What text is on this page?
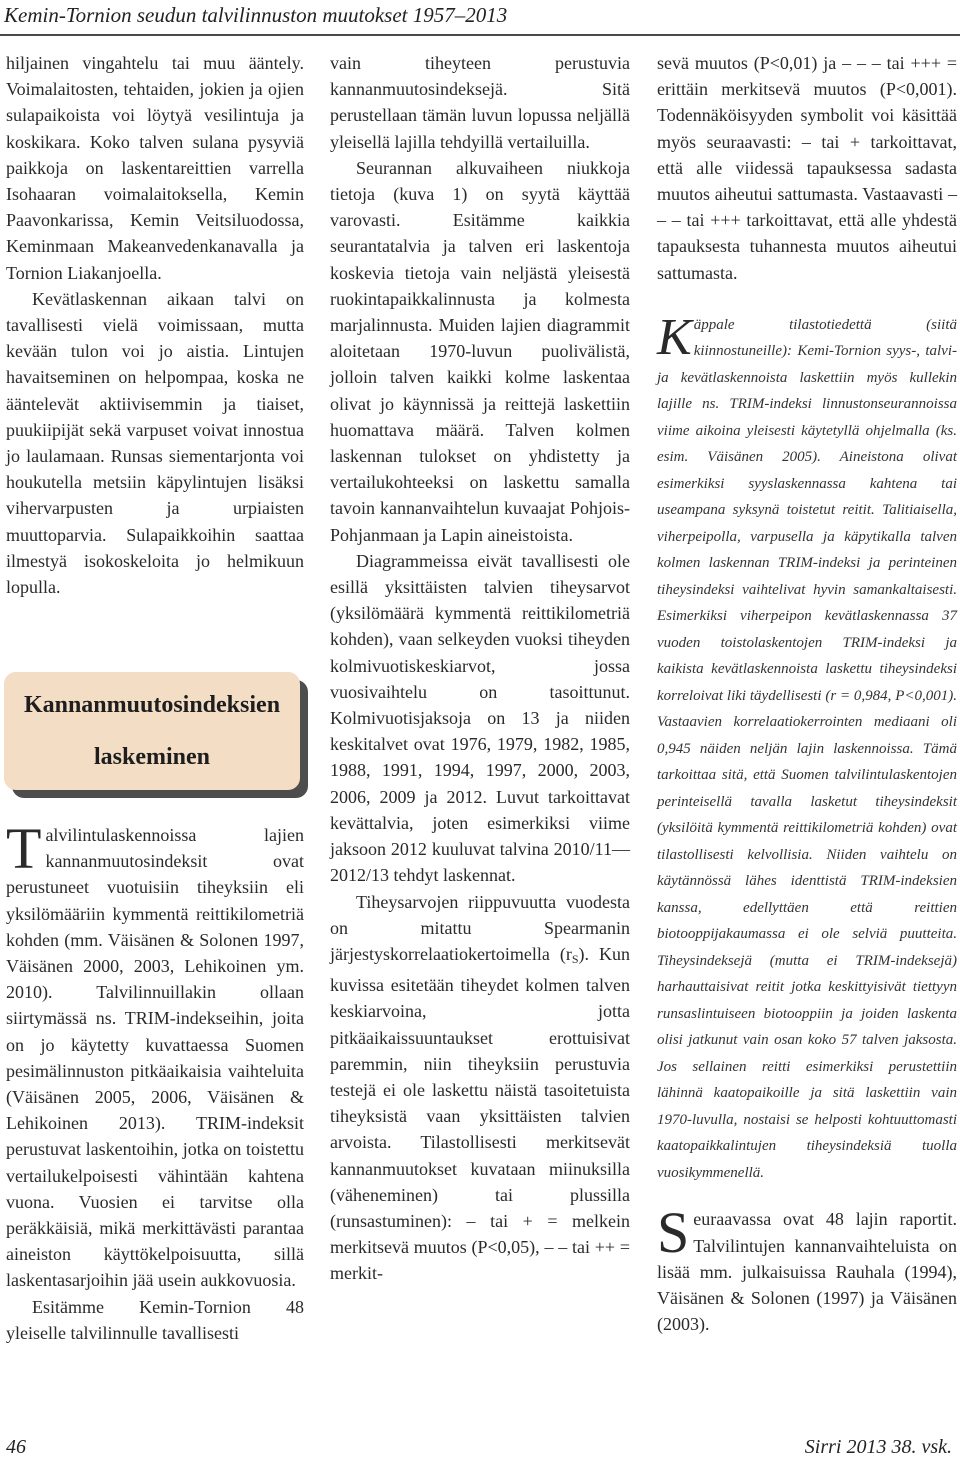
Kemin-Tornion seudun talvilinnuston muutokset 1957–2013

hiljainen vingahtelu tai muu ääntely. Voimalaitosten, tehtaiden, jokien ja ojien sulapaikoista voi löytyä vesilintuja ja koskikara. Koko talven sulana pysyviä paikkoja on laskentareittien varrella Isohaaran voimalaitoksella, Kemin Paavonkarissa, Kemin Veitsiluodossa, Keminmaan Makeanvedenkanavalla ja Tornion Liakanjoella.

Kevätlaskennan aikaan talvi on tavallisesti vielä voimissaan, mutta kevään tulon voi jo aistia. Lintujen havaitseminen on helpompaa, koska ne ääntelevät aktiivisemmin ja tiaiset, puukiipijät sekä varpuset voivat innostua jo laulamaan. Runsas siementarjonta voi houkutella metsiin käpylintujen lisäksi vihervarpusten ja urpiaisten muuttoparvia. Sulapaikkoihin saattaa ilmestyä isokoskeloita jo helmikuun lopulla.

Kannanmuutosindeksien
laskeminen

Talvilintulaskennoissa lajien kannanmuutosindeksit ovat perustuneet vuotuisiin tiheyksiin eli yksilömääriin kymmentä reittikilometriä kohden (mm. Väisänen & Solonen 1997, Väisänen 2000, 2003, Lehikoinen ym. 2010). Talvilinnuillakin ollaan siirtymässä ns. TRIM-indekseihin, joita on jo käytetty kuvattaessa Suomen pesimälinnuston pitkäaikaisia vaihteluita (Väisänen 2005, 2006, Väisänen & Lehikoinen 2013). TRIM-indeksit perustuvat laskentoihin, jotka on toistettu vertailukelpoisesti vähintään kahtena vuona. Vuosien ei tarvitse olla peräkkäisiä, mikä merkittävästi parantaa aineiston käyttökelpoisuutta, sillä laskentasarjoihin jää usein aukkovuosia.

Esitämme Kemin-Tornion 48 yleiselle talvilinnulle tavallisesti

vain tiheyteen perustuvia kannanmuutosindeksejä. Sitä perustellaan tämän luvun lopussa neljällä yleisellä lajilla tehdyillä vertailuilla.

Seurannan alkuvaiheen niukkoja tietoja (kuva 1) on syytä käyttää varovasti. Esitämme kaikkia seurantatalvia ja talven eri laskentoja koskevia tietoja vain neljästä yleisestä ruokintapaikkalinnusta ja kolmesta marjalinnusta. Muiden lajien diagrammit aloitetaan 1970-luvun puolivälistä, jolloin talven kaikki kolme laskentaa olivat jo käynnissä ja reittejä laskettiin huomattava määrä. Talven kolmen laskennan tulokset on yhdistetty ja vertailukohteeksi on laskettu samalla tavoin kannanvaihtelun kuvaajat Pohjois-Pohjanmaan ja Lapin aineistoista.

Diagrammeissa eivät tavallisesti ole esillä yksittäisten talvien tiheysarvot (yksilömäärä kymmentä reittikilometriä kohden), vaan selkeyden vuoksi tiheyden kolmivuotiskeskiarvot, jossa vuosivaihtelu on tasoittunut. Kolmivuotisjaksoja on 13 ja niiden keskitalvet ovat 1976, 1979, 1982, 1985, 1988, 1991, 1994, 1997, 2000, 2003, 2006, 2009 ja 2012. Luvut tarkoittavat kevättalvia, joten esimerkiksi viime jaksoon 2012 kuuluvat talvina 2010/11—2012/13 tehdyt laskennat.

Tiheysarvojen riippuvuutta vuodesta on mitattu Spearmanin järjestyskorrelaatiokertoimella $(r_S)$. Kun kuvissa esitetään tiheydet kolmen talven keskiarvoina, jotta pitkäaikaissuuntaukset erottuisivat paremmin, niin tiheyksiin perustuvia testejä ei ole laskettu näistä tasoitetuista tiheyksistä vaan yksittäisten talvien arvoista. Tilastollisesti merkitsevät kannanmuutokset kuvataan miinuksilla (väheneminen) tai plussilla (runsastuminen): – tai + = melkein merkitsevä muutos (P<0,05), – – tai ++ = merkit-

sevä muutos (P<0,01) ja – – – tai +++ = erittäin merkitsevä muutos (P<0,001). Todennäköisyyden symbolit voi käsittää myös seuraavasti: – tai + tarkoittavat, että alle viidessä tapauksessa sadasta muutos aiheutui sattumasta. Vastaavasti – – – tai +++ tarkoittavat, että alle yhdestä tapauksesta tuhannesta muutos aiheutui sattumasta.

Käppale tilastotiedettä (siitä kiinnostuneille): Kemi-Tornion syys-, talvi- ja kevätlaskennoista laskettiin myös kullekin lajille ns. TRIM-indeksi linnustonseurannoissa viime aikoina yleisesti käytetyllä ohjelmalla (ks. esim. Väisänen 2005). Aineistona olivat esimerkiksi syyslaskennassa kahtena tai useampana syksynä toistetut reitit. Talitiaisella, viherpeipolla, varpusella ja käpytikalla talven kolmen laskennan TRIM-indeksi ja perinteinen tiheysindeksi vaihtelivat hyvin samankaltaisesti. Esimerkiksi viherpeipon kevätlaskennassa 37 vuoden toistolaskentojen TRIM-indeksi ja kaikista kevätlaskennoista laskettu tiheysindeksi korreloivat liki täydellisesti (r = 0,984, P<0,001). Vastaavien korrelaatiokerrointen mediaani oli 0,945 näiden neljän lajin laskennoissa. Tämä tarkoittaa sitä, että Suomen talvilintulaskentojen perinteisellä tavalla lasketut tiheysindeksit (yksilöitä kymmentä reittikilometriä kohden) ovat tilastollisesti kelvollisia. Niiden vaihtelu on käytännössä lähes identtistä TRIM-indeksien kanssa, edellyttäen että reittien biotooppijakaumassa ei ole selviä puutteita. Tiheysindeksejä (mutta ei TRIM-indeksejä) harhauttaisivat reitit jotka keskittyisivät tiettyyn runsaslintuiseen biotooppiin ja joiden laskenta olisi jatkunut vain osan koko 57 talven jaksosta. Jos sellainen reitti esimerkiksi perustettiin lähinnä kaatopaikoille ja sitä laskettiin vain 1970-luvulla, nostaisi se helposti kohtuuttomasti kaatopaikkalintujen tiheysindeksiä tuolla vuosikymmenellä.

Seuraavassa ovat 48 lajin raportit. Talvilintujen kannanvaihteluista on lisää mm. julkaisuissa Rauhala (1994), Väisänen & Solonen (1997) ja Väisänen (2003).

46	Sirri 2013 38. vsk.
